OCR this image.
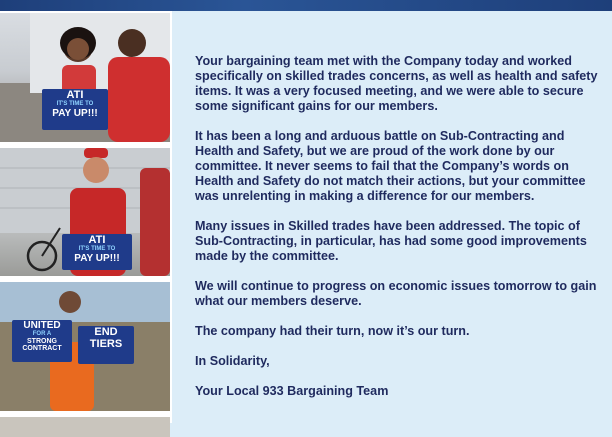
ATI
IT'S TIME TO
PAY UP!!!
ATI
IT'S TIME TO
PAY UP!!!
UNITED
FOR A
STRONG CONTRACT
END
TIERS

Your bargaining team met with the Company today and worked specifically on skilled trades concerns, as well as health and safety items. It was a very focused meeting, and we were able to secure some significant gains for our members.

It has been a long and arduous battle on Sub-Contracting and Health and Safety, but we are proud of the work done by our committee. It never seems to fail that the Company’s words on Health and Safety do not match their actions, but your committee was unrelenting in making a difference for our members.

Many issues in Skilled trades have been addressed. The topic of Sub-Contracting, in particular, has had some good improvements made by the committee.

We will continue to progress on economic issues tomorrow to gain what our members deserve.

The company had their turn, now it’s our turn.

In Solidarity,

Your Local 933 Bargaining Team
